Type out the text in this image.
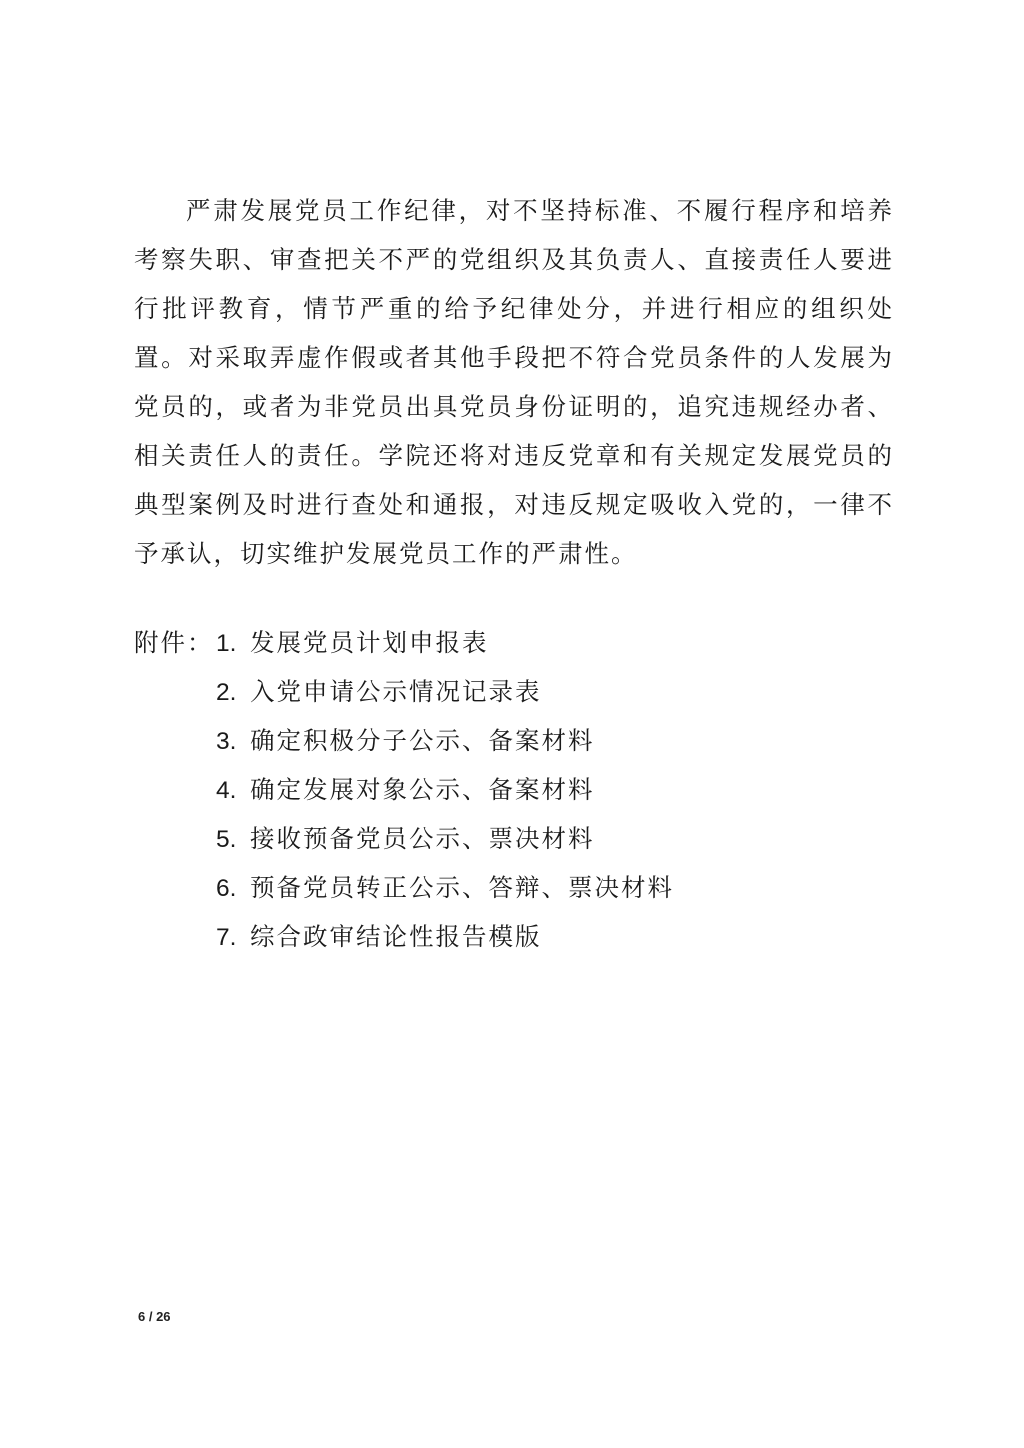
严肃发展党员工作纪律，对不坚持标准、不履行程序和培养考察失职、审查把关不严的党组织及其负责人、直接责任人要进行批评教育，情节严重的给予纪律处分，并进行相应的组织处置。对采取弄虚作假或者其他手段把不符合党员条件的人发展为党员的，或者为非党员出具党员身份证明的，追究违规经办者、相关责任人的责任。学院还将对违反党章和有关规定发展党员的典型案例及时进行查处和通报，对违反规定吸收入党的，一律不予承认，切实维护发展党员工作的严肃性。

附件： 1. 发展党员计划申报表
2. 入党申请公示情况记录表
3. 确定积极分子公示、备案材料
4. 确定发展对象公示、备案材料
5. 接收预备党员公示、票决材料
6. 预备党员转正公示、答辩、票决材料
7. 综合政审结论性报告模版
6 / 26
